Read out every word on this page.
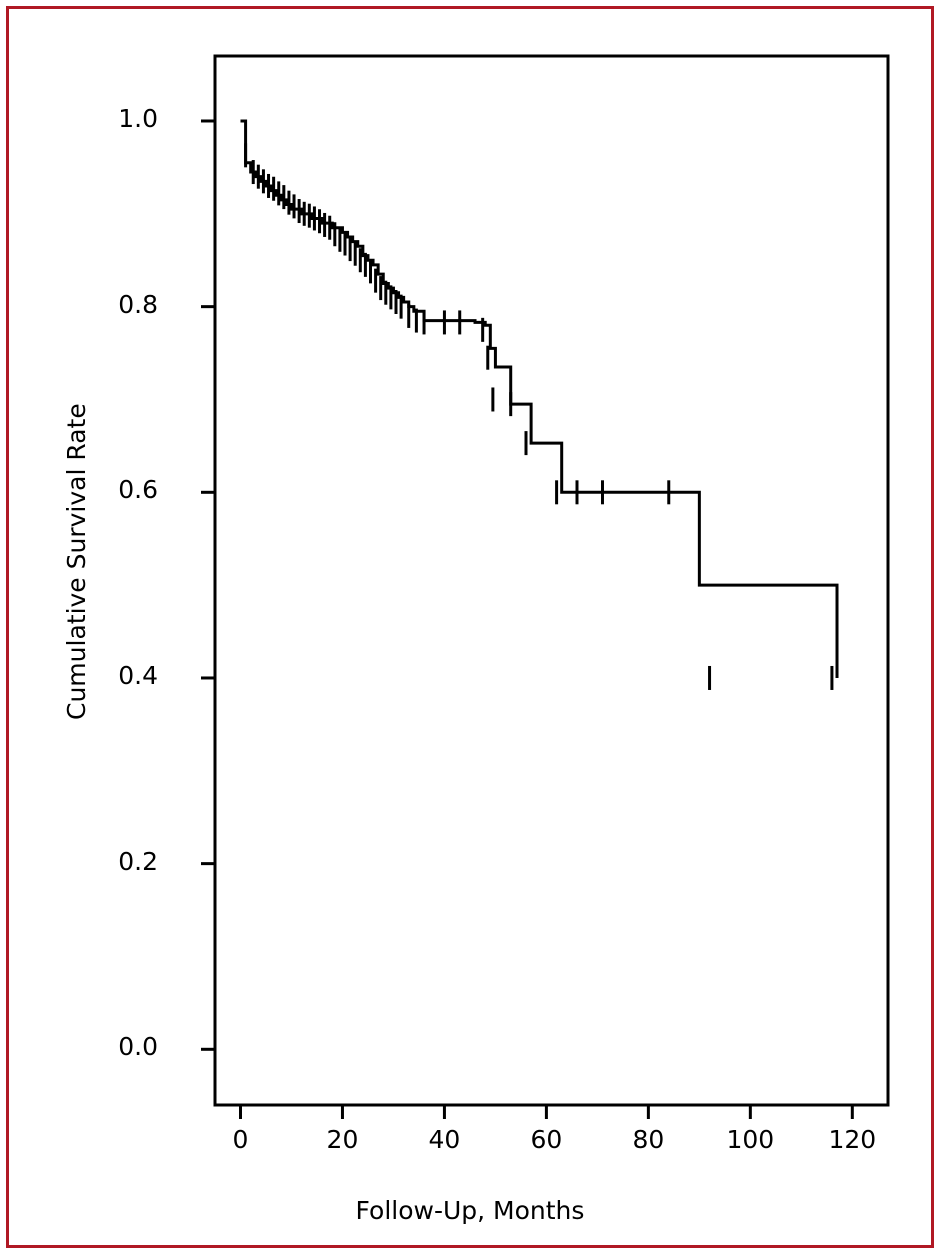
0.0
0.2
0.4
0.6
0.8
1.0
0	20	40	60	80	100 120
Cumulative Survival Rate
Follow-Up, Months
